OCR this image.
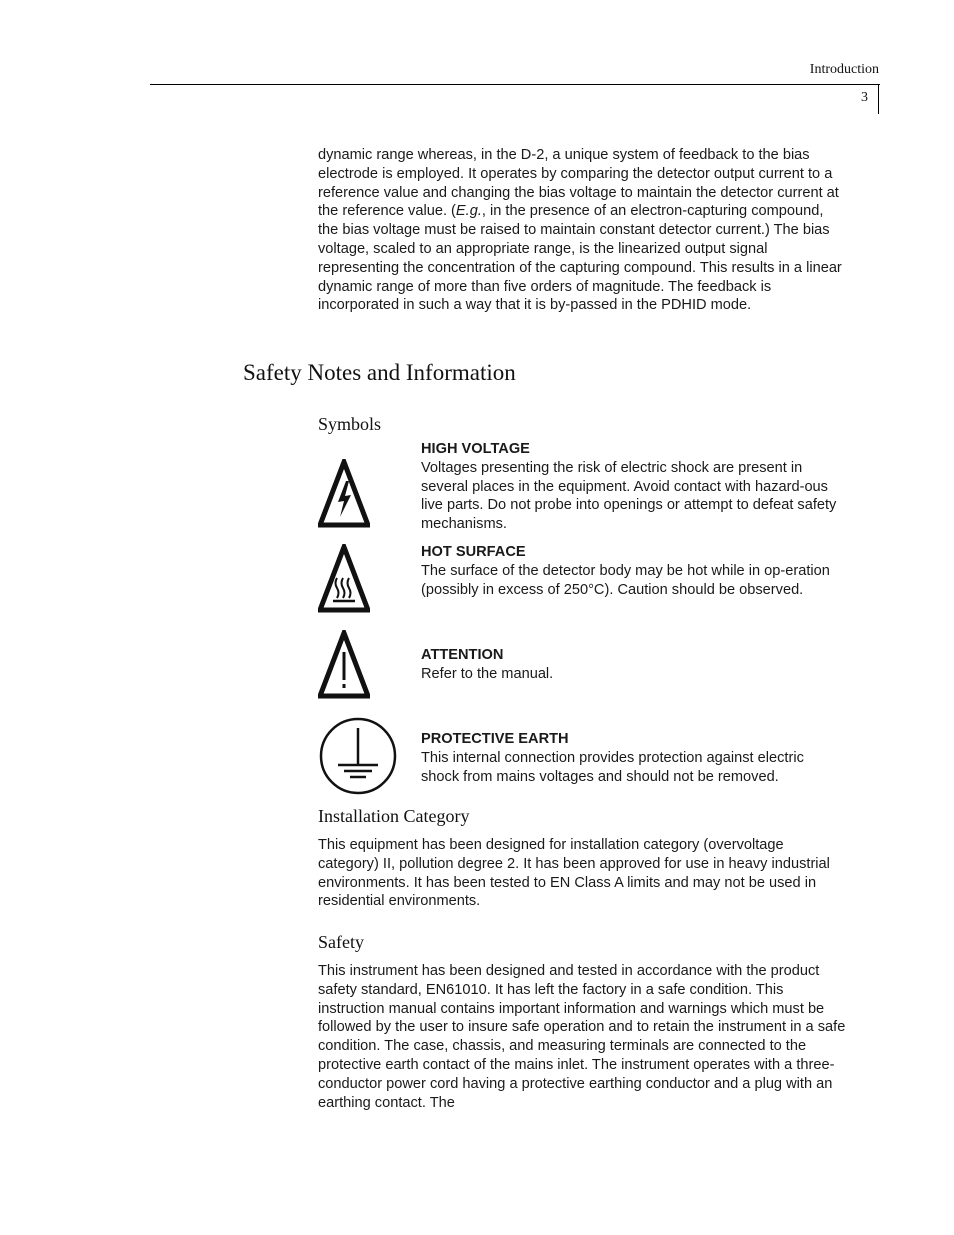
Introduction
3

dynamic range whereas, in the D-2, a unique system of feedback to the bias electrode is employed. It operates by comparing the detector output current to a reference value and changing the bias voltage to maintain the detector current at the reference value. (E.g., in the presence of an electron-capturing compound, the bias voltage must be raised to maintain constant detector current.) The bias voltage, scaled to an appropriate range, is the linearized output signal representing the concentration of the capturing compound. This results in a linear dynamic range of more than five orders of magnitude. The feedback is incorporated in such a way that it is by-passed in the PDHID mode.

Safety Notes and Information
Symbols
HIGH VOLTAGE
Voltages presenting the risk of electric shock are present in several places in the equipment. Avoid contact with hazard-ous live parts. Do not probe into openings or attempt to defeat safety mechanisms.
HOT SURFACE
The surface of the detector body may be hot while in op-eration (possibly in excess of 250°C). Caution should be observed.
ATTENTION
Refer to the manual.
PROTECTIVE EARTH
This internal connection provides protection against electric shock from mains voltages and should not be removed.
Installation Category

This equipment has been designed for installation category (overvoltage category) II, pollution degree 2. It has been approved for use in heavy industrial environments. It has been tested to EN Class A limits and may not be used in residential environments.

Safety

This instrument has been designed and tested in accordance with the product safety standard, EN61010. It has left the factory in a safe condition. This instruction manual contains important information and warnings which must be followed by the user to insure safe operation and to retain the instrument in a safe condition. The case, chassis, and measuring terminals are connected to the protective earth contact of the mains inlet. The instrument operates with a three-conductor power cord having a protective earthing conductor and a plug with an earthing contact. The
